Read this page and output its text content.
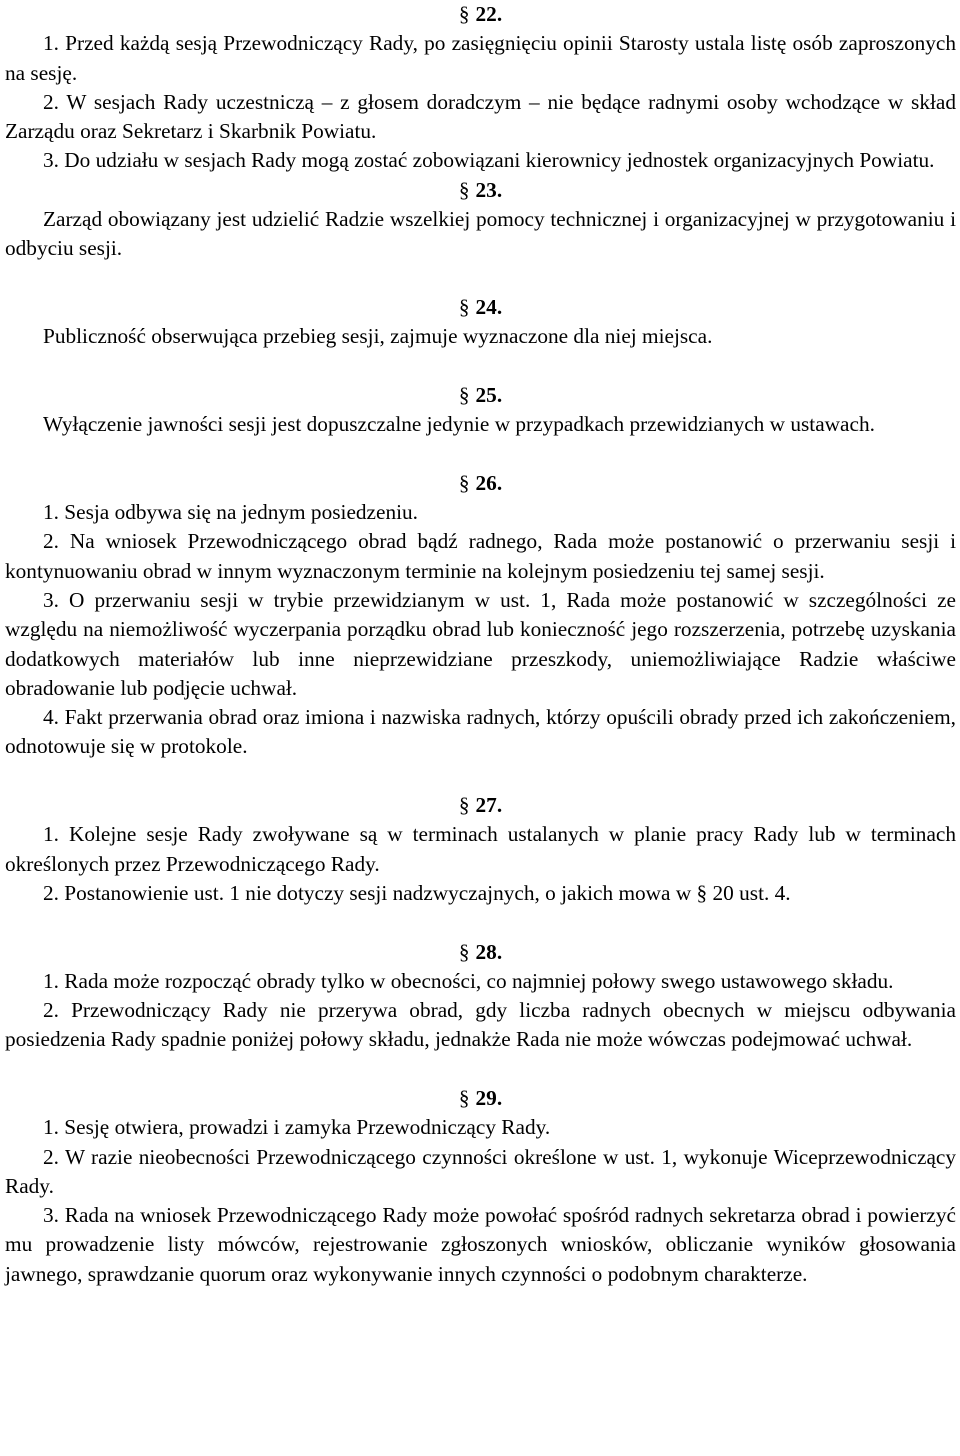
§ 22.
1. Przed każdą sesją Przewodniczący Rady, po zasięgnięciu opinii Starosty ustala listę osób zaproszonych na sesję.
2. W sesjach Rady uczestniczą – z głosem doradczym – nie będące radnymi osoby wchodzące w skład Zarządu oraz Sekretarz i Skarbnik Powiatu.
3. Do udziału w sesjach Rady mogą zostać zobowiązani kierownicy jednostek organizacyjnych Powiatu.
§ 23.
Zarząd obowiązany jest udzielić Radzie wszelkiej pomocy technicznej i organizacyjnej w przygotowaniu i odbyciu sesji.
§ 24.
Publiczność obserwująca przebieg sesji, zajmuje wyznaczone dla niej miejsca.
§ 25.
Wyłączenie jawności sesji jest dopuszczalne jedynie w przypadkach przewidzianych w ustawach.
§ 26.
1. Sesja odbywa się na jednym posiedzeniu.
2. Na wniosek Przewodniczącego obrad bądź radnego, Rada może postanowić o przerwaniu sesji i kontynuowaniu obrad w innym wyznaczonym terminie na kolejnym posiedzeniu tej samej sesji.
3. O przerwaniu sesji w trybie przewidzianym w ust. 1, Rada może postanowić w szczególności ze względu na niemożliwość wyczerpania porządku obrad lub konieczność jego rozszerzenia, potrzebę uzyskania dodatkowych materiałów lub inne nieprzewidziane przeszkody, uniemożliwiające Radzie właściwe obradowanie lub podjęcie uchwał.
4. Fakt przerwania obrad oraz imiona i nazwiska radnych, którzy opuścili obrady przed ich zakończeniem, odnotowuje się w protokole.
§ 27.
1. Kolejne sesje Rady zwoływane są w terminach ustalanych w planie pracy Rady lub w terminach określonych przez Przewodniczącego Rady.
2. Postanowienie ust. 1 nie dotyczy sesji nadzwyczajnych, o jakich mowa w § 20 ust. 4.
§ 28.
1. Rada może rozpocząć obrady tylko w obecności, co najmniej połowy swego ustawowego składu.
2. Przewodniczący Rady nie przerywa obrad, gdy liczba radnych obecnych w miejscu odbywania posiedzenia Rady spadnie poniżej połowy składu, jednakże Rada nie może wówczas podejmować uchwał.
§ 29.
1. Sesję otwiera, prowadzi i zamyka Przewodniczący Rady.
2. W razie nieobecności Przewodniczącego czynności określone w ust. 1, wykonuje Wiceprzewodniczący Rady.
3. Rada na wniosek Przewodniczącego Rady może powołać spośród radnych sekretarza obrad i powierzyć mu prowadzenie listy mówców, rejestrowanie zgłoszonych wniosków, obliczanie wyników głosowania jawnego, sprawdzanie quorum oraz wykonywanie innych czynności o podobnym charakterze.
